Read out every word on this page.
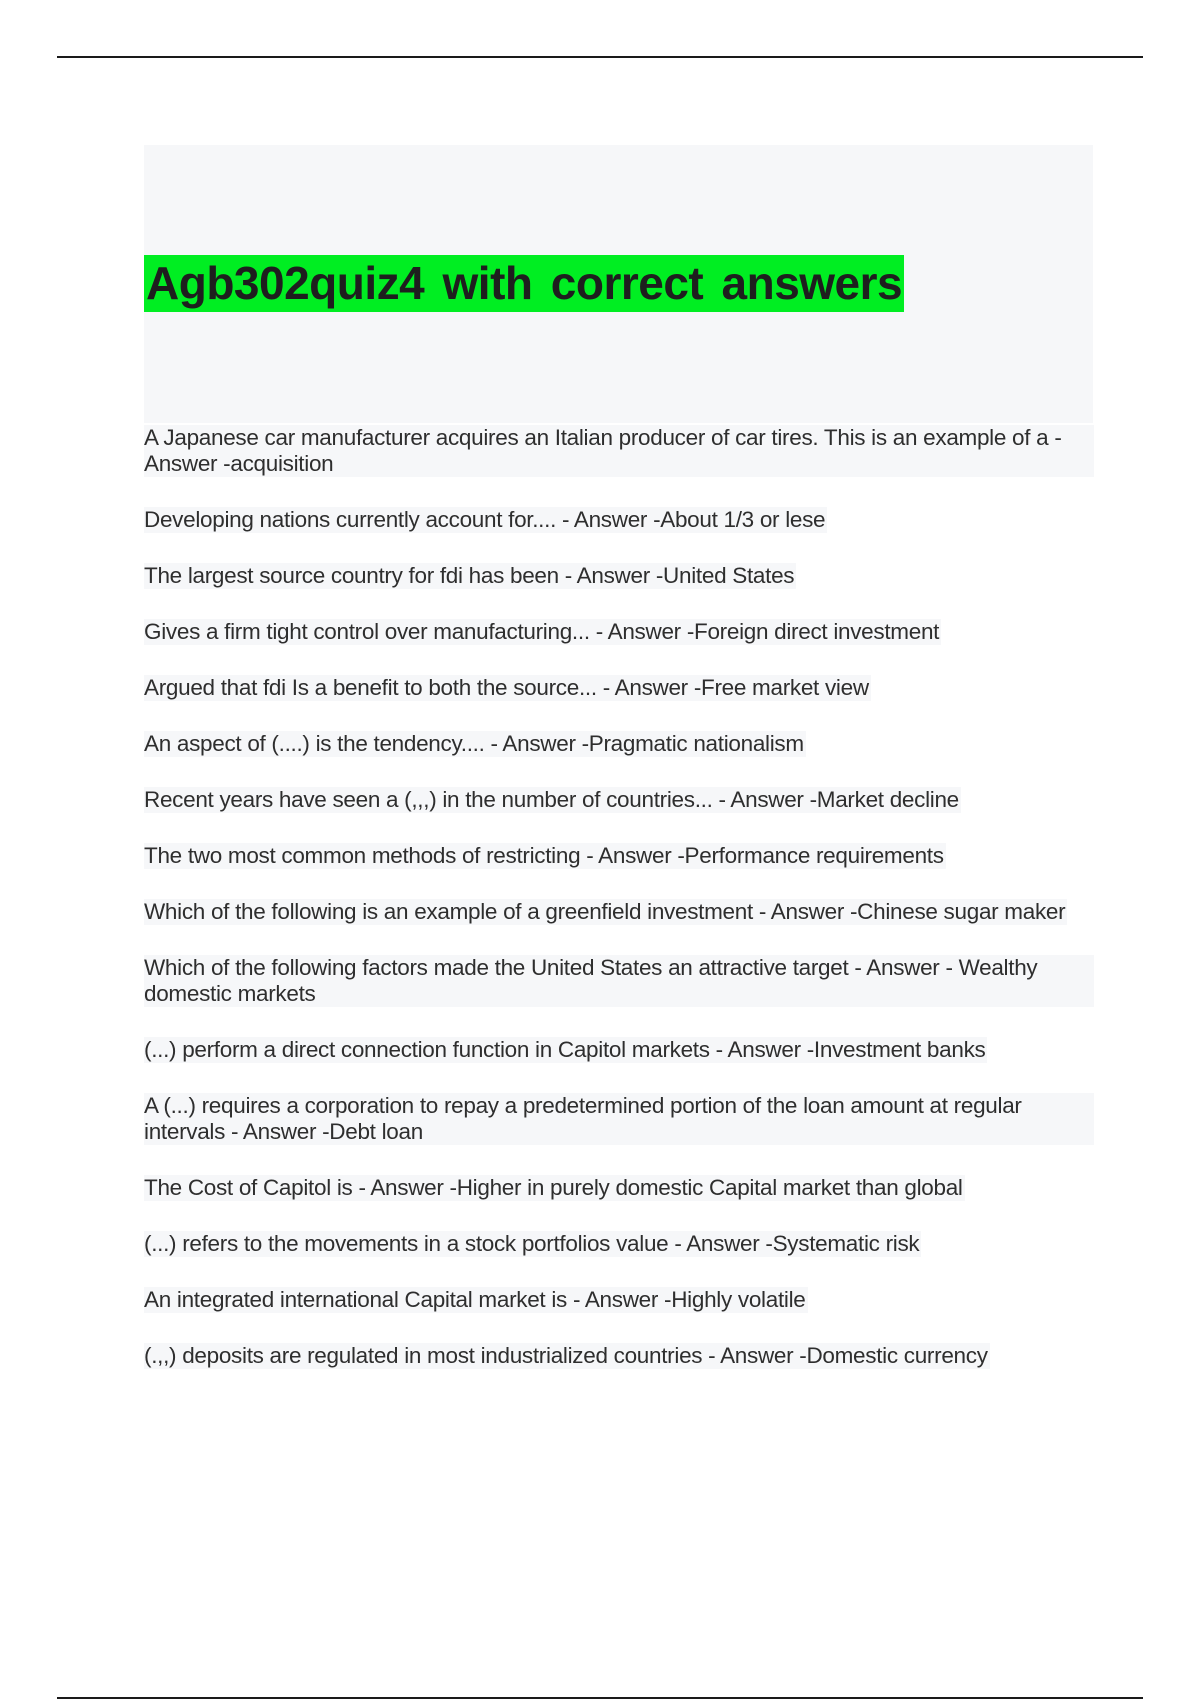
Agb302quiz4 with correct answers
A Japanese car manufacturer acquires an Italian producer of car tires. This is an example of a - Answer -acquisition
Developing nations currently account for.... - Answer -About 1/3 or lese
The largest source country for fdi has been - Answer -United States
Gives a firm tight control over manufacturing... - Answer -Foreign direct investment
Argued that fdi Is a benefit to both the source... - Answer -Free market view
An aspect of (....) is the tendency.... - Answer -Pragmatic nationalism
Recent years have seen a (,,,) in the number of countries... - Answer -Market decline
The two most common methods of restricting - Answer -Performance requirements
Which of the following is an example of a greenfield investment - Answer -Chinese sugar maker
Which of the following factors made the United States an attractive target - Answer - Wealthy domestic markets
(...) perform a direct connection function in Capitol markets - Answer -Investment banks
A (...) requires a corporation to repay a predetermined portion of the loan amount at regular intervals - Answer -Debt loan
The Cost of Capitol is - Answer -Higher in purely domestic Capital market than global
(...) refers to the movements in a stock portfolios value - Answer -Systematic risk
An integrated international Capital market is - Answer -Highly volatile
(.,,) deposits are regulated in most industrialized countries - Answer -Domestic currency
